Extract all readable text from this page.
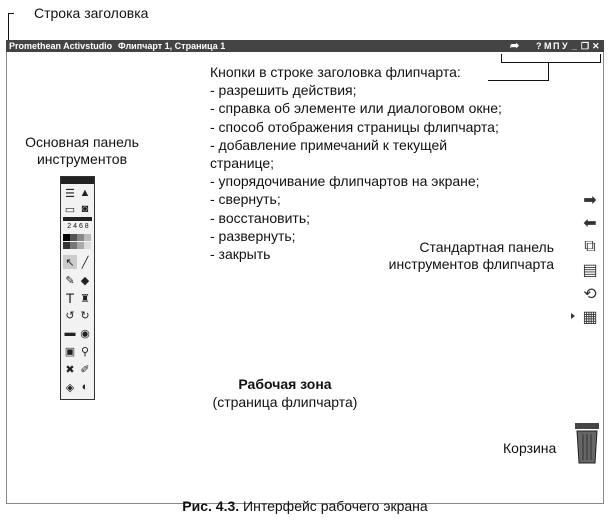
Строка заголовка
Promethean Activstudio Флипчарт 1, Страница 1	➦ ? М П У _ ❐ ✕
Кнопки в строке заголовка флипчарта:
- разрешить действия;
- справка об элементе или диалоговом окне;
- способ отображения страницы флипчарта;
- добавление примечаний к текущей
странице;
- упорядочивание флипчартов на экране;
- свернуть;
- восстановить;
- развернуть;
- закрыть
Основная панель
инструментов
☰ ▲
▭ ◙
2 4 6 8
↖ ╱
✎ ◆
T ♜
↺ ↻
▬ ◉
▣ ⚲
✖ ✐
◈ ◐
Стандартная панель
инструментов флипчарта
➡
⬅
⧉
▤
⟲
▦
Рабочая зона
(страница флипчарта)
Корзина
Рис. 4.3. Интерфейс рабочего экрана
